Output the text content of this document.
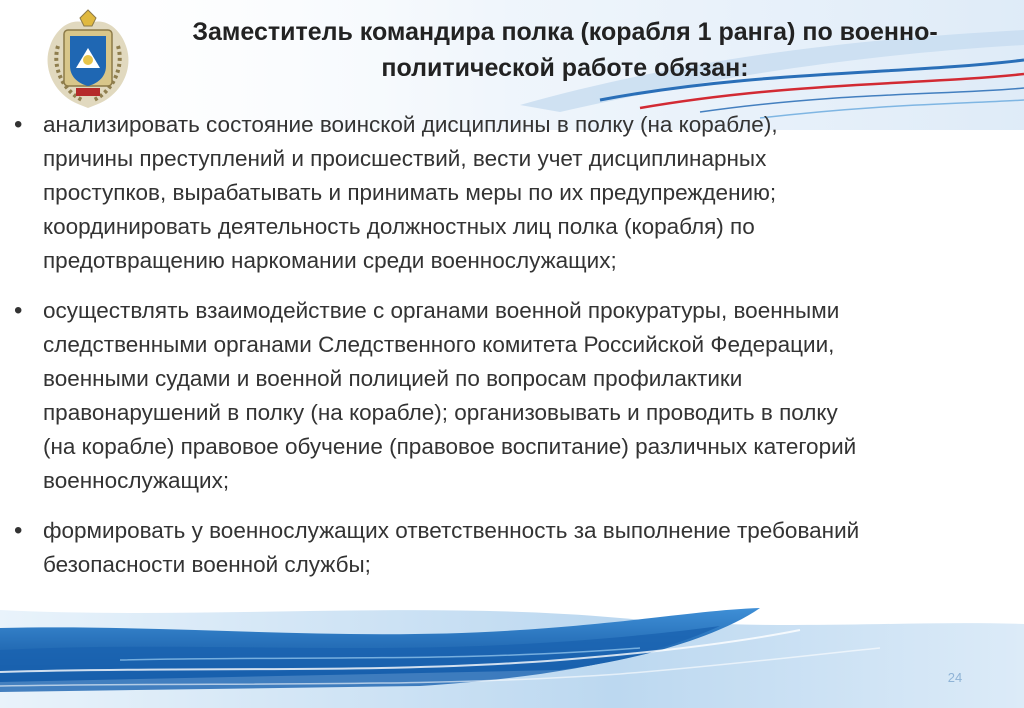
Заместитель командира полка (корабля 1 ранга) по военно-политической работе обязан:
• анализировать состояние воинской дисциплины в полку (на корабле),
причины преступлений и происшествий, вести учет дисциплинарных
проступков, вырабатывать и принимать меры по их предупреждению;
координировать деятельность должностных лиц полка (корабля) по
предотвращению наркомании среди военнослужащих;
• осуществлять взаимодействие с органами военной прокуратуры, военными
следственными органами Следственного комитета Российской Федерации,
военными судами и военной полицией по вопросам профилактики
правонарушений в полку (на корабле); организовывать и проводить в полку
(на корабле) правовое обучение (правовое воспитание) различных категорий
военнослужащих;
• формировать у военнослужащих ответственность за выполнение требований
безопасности военной службы;
24
